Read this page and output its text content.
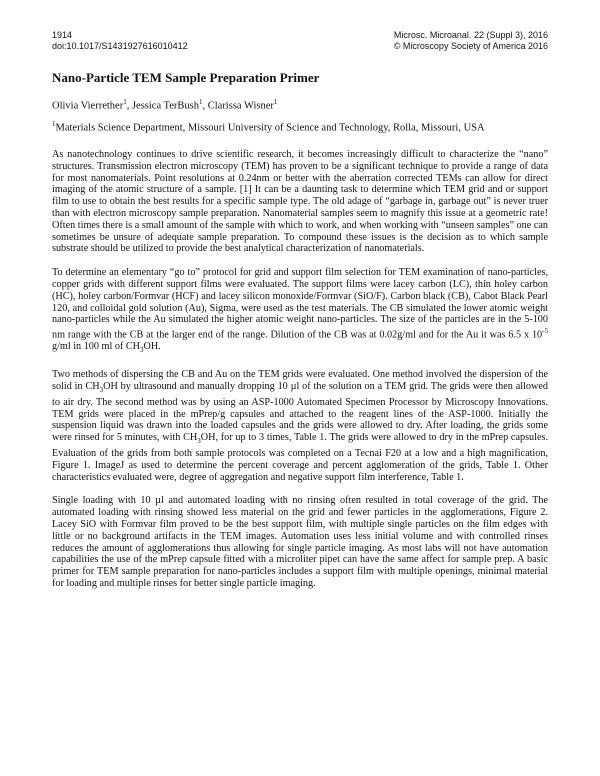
1914
doi:10.1017/S1431927616010412
Microsc. Microanal. 22 (Suppl 3), 2016
© Microscopy Society of America 2016
Nano-Particle TEM Sample Preparation Primer
Olivia Vierrether$^1$, Jessica TerBush$^1$, Clarissa Wisner$^1$
$^1$Materials Science Department, Missouri University of Science and Technology, Rolla, Missouri, USA

As nanotechnology continues to drive scientific research, it becomes increasingly difficult to characterize the “nano” structures. Transmission electron microscopy (TEM) has proven to be a significant technique to provide a range of data for most nanomaterials. Point resolutions at 0.24nm or better with the aberration corrected TEMs can allow for direct imaging of the atomic structure of a sample. [1] It can be a daunting task to determine which TEM grid and or support film to use to obtain the best results for a specific sample type. The old adage of “garbage in, garbage out” is never truer than with electron microscopy sample preparation. Nanomaterial samples seem to magnify this issue at a geometric rate! Often times there is a small amount of the sample with which to work, and when working with “unseen samples” one can sometimes be unsure of adequate sample preparation. To compound these issues is the decision as to which sample substrate should be utilized to provide the best analytical characterization of nanomaterials.

To determine an elementary “go to” protocol for grid and support film selection for TEM examination of nano-particles, copper grids with different support films were evaluated. The support films were lacey carbon (LC), thin holey carbon (HC), holey carbon/Formvar (HCF) and lacey silicon monoxide/Formvar (SiO/F). Carbon black (CB), Cabot Black Pearl 120, and colloidal gold solution (Au), Sigma, were used as the test materials. The CB simulated the lower atomic weight nano-particles while the Au simulated the higher atomic weight nano-particles. The size of the particles are in the 5-100 nm range with the CB at the larger end of the range. Dilution of the CB was at 0.02g/ml and for the Au it was 6.5 x $10^{-5}$ g/ml in 100 ml of $CH_3OH$.

Two methods of dispersing the CB and Au on the TEM grids were evaluated. One method involved the dispersion of the solid in $CH_3OH$ by ultrasound and manually dropping 10 µl of the solution on a TEM grid. The grids were then allowed to air dry. The second method was by using an ASP-1000 Automated Specimen Processor by Microscopy Innovations. TEM grids were placed in the mPrep/g capsules and attached to the reagent lines of the ASP-1000. Initially the suspension liquid was drawn into the loaded capsules and the grids were allowed to dry. After loading, the grids some were rinsed for 5 minutes, with $CH_3OH$, for up to 3 times, Table 1. The grids were allowed to dry in the mPrep capsules. Evaluation of the grids from both sample protocols was completed on a Tecnai F20 at a low and a high magnification, Figure 1. ImageJ as used to determine the percent coverage and percent agglomeration of the grids, Table 1. Other characteristics evaluated were, degree of aggregation and negative support film interference, Table 1.

Single loading with 10 µl and automated loading with no rinsing often resulted in total coverage of the grid. The automated loading with rinsing showed less material on the grid and fewer particles in the agglomerations, Figure 2. Lacey SiO with Formvar film proved to be the best support film, with multiple single particles on the film edges with little or no background artifacts in the TEM images. Automation uses less initial volume and with controlled rinses reduces the amount of agglomerations thus allowing for single particle imaging. As most labs will not have automation capabilities the use of the mPrep capsule fitted with a microliter pipet can have the same affect for sample prep. A basic primer for TEM sample preparation for nano-particles includes a support film with multiple openings, minimal material for loading and multiple rinses for better single particle imaging.
